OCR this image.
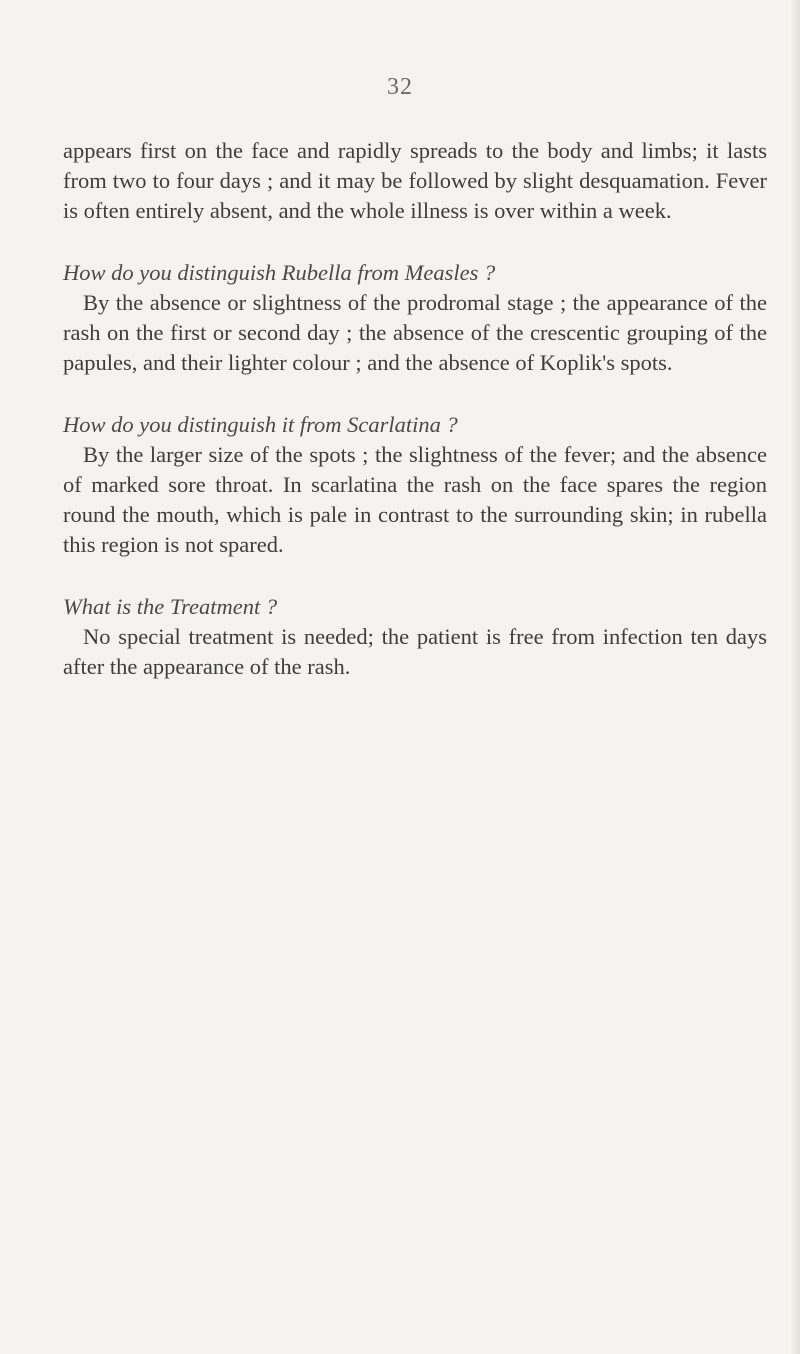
32

appears first on the face and rapidly spreads to the body and limbs; it lasts from two to four days ; and it may be followed by slight desquamation. Fever is often entirely absent, and the whole illness is over within a week.

How do you distinguish Rubella from Measles ?

By the absence or slightness of the prodromal stage ; the appearance of the rash on the first or second day ; the absence of the crescentic grouping of the papules, and their lighter colour ; and the absence of Koplik's spots.

How do you distinguish it from Scarlatina ?

By the larger size of the spots ; the slightness of the fever; and the absence of marked sore throat. In scarlatina the rash on the face spares the region round the mouth, which is pale in contrast to the surrounding skin; in rubella this region is not spared.

What is the Treatment ?

No special treatment is needed; the patient is free from infection ten days after the appearance of the rash.
